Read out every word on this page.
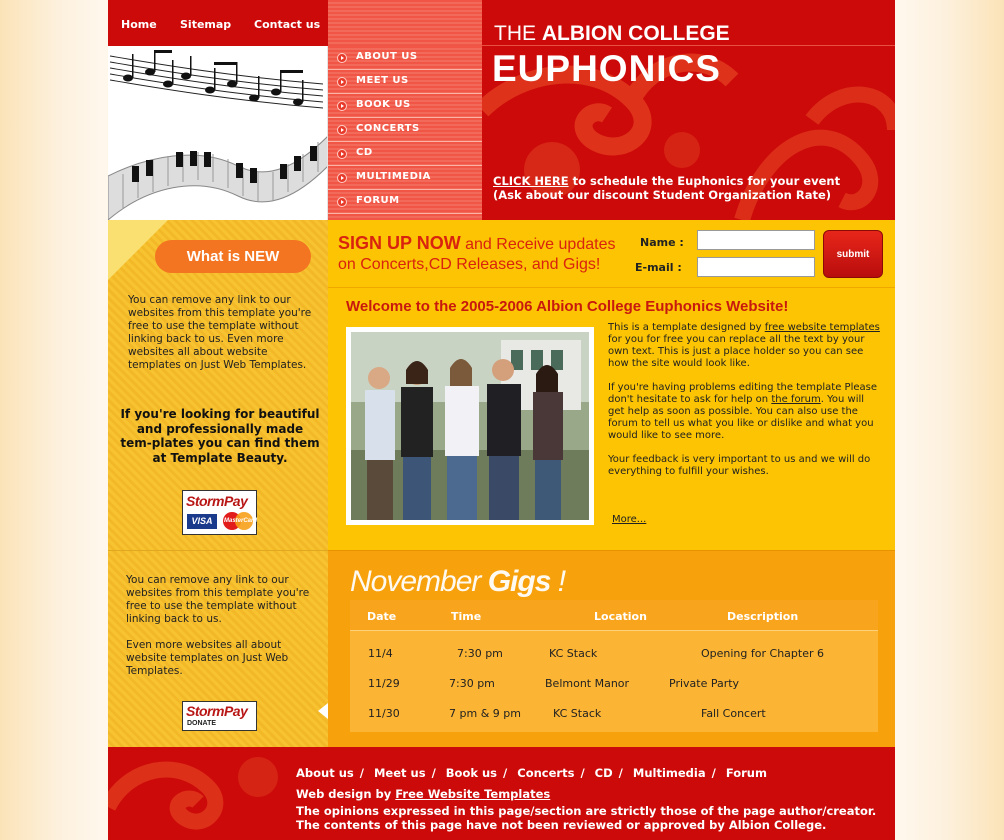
Home Sitemap Contact us
ABOUT US
MEET US
BOOK US
CONCERTS
CD
MULTIMEDIA
FORUM
THE ALBION COLLEGE
EUPHONICS
CLICK HERE to schedule the Euphonics for your event
(Ask about our discount Student Organization Rate)
What is NEW
You can remove any link to our websites from this template you're free to use the template without linking back to us. Even more websites all about website templates on Just Web Templates.
If you're looking for beautiful and professionally made tem-plates you can find them at Template Beauty.
StormPay
VISA	MasterCard
SIGN UP NOW and Receive updates
on Concerts,CD Releases, and Gigs!
Name :
E-mail :
submit
Welcome to the 2005-2006 Albion College Euphonics Website!

This is a template designed by free website templates for you for free you can replace all the text by your own text. This is just a place holder so you can see how the site would look like.

If you're having problems editing the template Please don't hesitate to ask for help on the forum. You will get help as soon as possible. You can also use the forum to tell us what you like or dislike and what you would like to see more.

Your feedback is very important to us and we will do everything to fulfill your wishes.

More...

You can remove any link to our websites from this template you're free to use the template without linking back to us.

Even more websites all about website templates on Just Web Templates.

StormPay
DONATE
November Gigs !
Date	Time	Location	Description
11/4	7:30 pm	KC Stack	Opening for Chapter 6
11/29	7:30 pm	Belmont Manor	Private Party
11/30	7 pm & 9 pm	KC Stack	Fall Concert
About us / Meet us / Book us / Concerts / CD / Multimedia / Forum
Web design by Free Website Templates
The opinions expressed in this page/section are strictly those of the page author/creator.
The contents of this page have not been reviewed or approved by Albion College.
